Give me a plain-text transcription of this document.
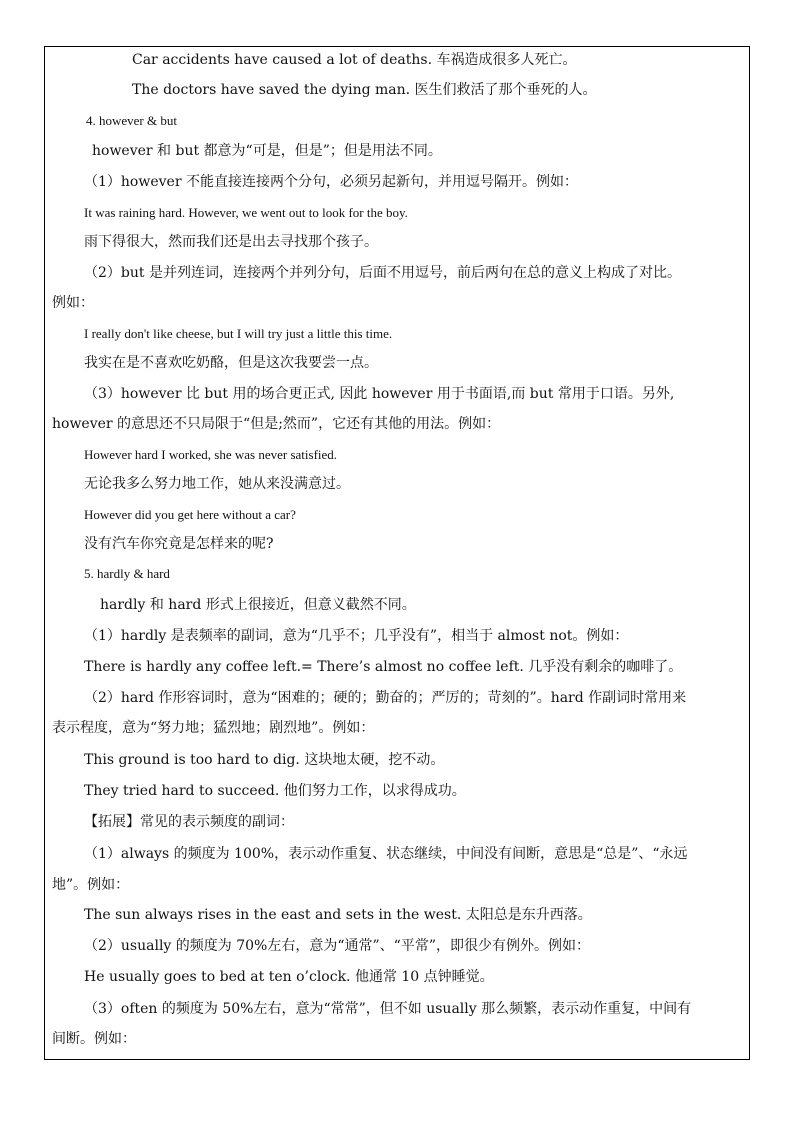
Car accidents have caused a lot of deaths. 车祸造成很多人死亡。
The doctors have saved the dying man. 医生们救活了那个垂死的人。
4. however & but
however 和 but 都意为“可是，但是”；但是用法不同。
（1）however 不能直接连接两个分句，必须另起新句，并用逗号隔开。例如：
It was raining hard. However, we went out to look for the boy.
雨下得很大，然而我们还是出去寻找那个孩子。
（2）but 是并列连词，连接两个并列分句，后面不用逗号，前后两句在总的意义上构成了对比。
例如：
I really don't like cheese, but I will try just a little this time.
我实在是不喜欢吃奶酪，但是这次我要尝一点。
（3）however 比 but 用的场合更正式, 因此 however 用于书面语,而 but 常用于口语。另外,
however 的意思还不只局限于“但是;然而”，它还有其他的用法。例如：
However hard I worked, she was never satisfied.
无论我多么努力地工作，她从来没满意过。
However did you get here without a car?
没有汽车你究竟是怎样来的呢?
5. hardly & hard
hardly 和 hard 形式上很接近，但意义截然不同。
（1）hardly 是表频率的副词，意为“几乎不；几乎没有”，相当于 almost not。例如：
There is hardly any coffee left.= There’s almost no coffee left. 几乎没有剩余的咖啡了。
（2）hard 作形容词时，意为“困难的；硬的；勤奋的；严厉的；苛刻的”。hard 作副词时常用来
表示程度，意为“努力地；猛烈地；剧烈地”。例如：
This ground is too hard to dig. 这块地太硬，挖不动。
They tried hard to succeed. 他们努力工作，以求得成功。
【拓展】常见的表示频度的副词：
（1）always 的频度为 100%，表示动作重复、状态继续，中间没有间断，意思是“总是”、“永远
地”。例如：
The sun always rises in the east and sets in the west. 太阳总是东升西落。
（2）usually 的频度为 70%左右，意为“通常”、“平常”，即很少有例外。例如：
He usually goes to bed at ten o’clock. 他通常 10 点钟睡觉。
（3）often 的频度为 50%左右，意为“常常”，但不如 usually 那么频繁，表示动作重复，中间有
间断。例如：
